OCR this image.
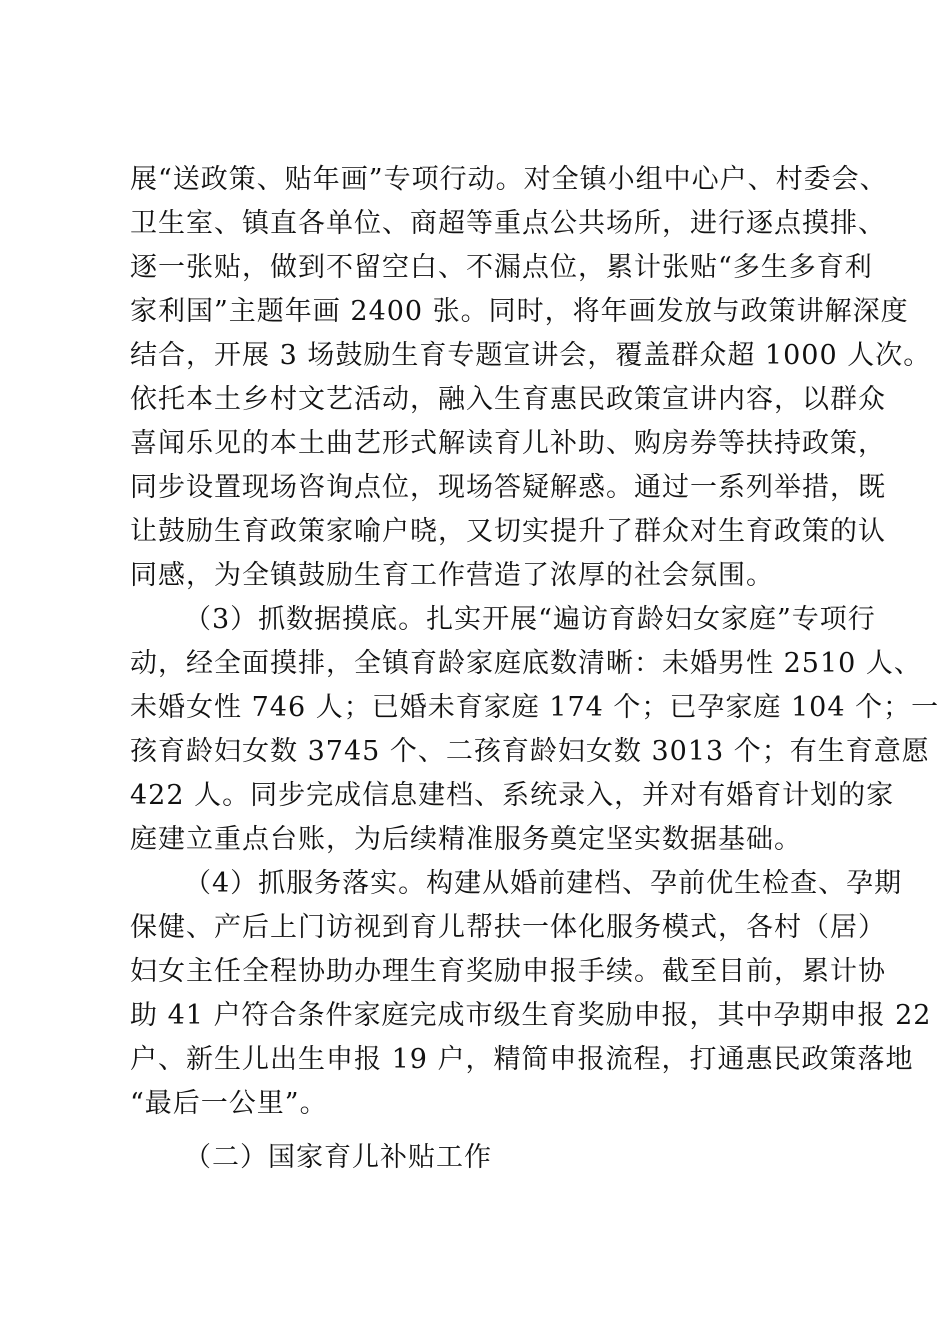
展“送政策、贴年画”专项行动。对全镇小组中心户、村委会、
卫生室、镇直各单位、商超等重点公共场所，进行逐点摸排、
逐一张贴，做到不留空白、不漏点位，累计张贴“多生多育利
家利国”主题年画 2400 张。同时，将年画发放与政策讲解深度
结合，开展 3 场鼓励生育专题宣讲会，覆盖群众超 1000 人次。
依托本土乡村文艺活动，融入生育惠民政策宣讲内容，以群众
喜闻乐见的本土曲艺形式解读育儿补助、购房券等扶持政策，
同步设置现场咨询点位，现场答疑解惑。通过一系列举措，既
让鼓励生育政策家喻户晓，又切实提升了群众对生育政策的认
同感，为全镇鼓励生育工作营造了浓厚的社会氛围。
（3）抓数据摸底。扎实开展“遍访育龄妇女家庭”专项行
动，经全面摸排，全镇育龄家庭底数清晰：未婚男性 2510 人、
未婚女性 746 人；已婚未育家庭 174 个；已孕家庭 104 个；一
孩育龄妇女数 3745 个、二孩育龄妇女数 3013 个；有生育意愿
422 人。同步完成信息建档、系统录入，并对有婚育计划的家
庭建立重点台账，为后续精准服务奠定坚实数据基础。
（4）抓服务落实。构建从婚前建档、孕前优生检查、孕期
保健、产后上门访视到育儿帮扶一体化服务模式，各村（居）
妇女主任全程协助办理生育奖励申报手续。截至目前，累计协
助 41 户符合条件家庭完成市级生育奖励申报，其中孕期申报 22
户、新生儿出生申报 19 户，精简申报流程，打通惠民政策落地
“最后一公里”。
（二）国家育儿补贴工作
